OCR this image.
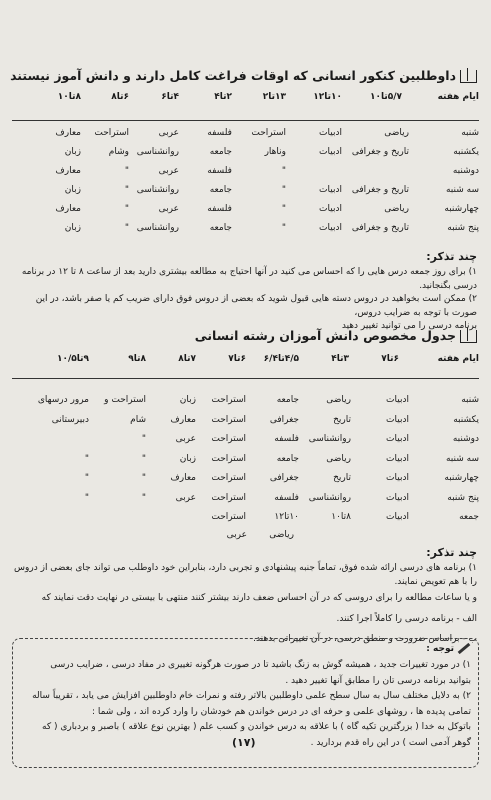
داوطلبین کنکور انسانی که اوقات فراغت کامل دارند و دانش آموز نیستند
ایام هفته
۵/۷تا۱۰
۱۰تا۱۲
۱۳تا۲
۲تا۴
۴تا۶
۶تا۸
۸تا۱۰
شنبه
ریاضی
ادبیات
استراحت
فلسفه
عربی
استراحت
معارف
یکشنبه
تاریخ و جغرافی
ادبیات
وناهار
جامعه
روانشناسی
وشام
زبان
دوشنبه
"
فلسفه
عربی
"
معارف
سه شنبه
تاریخ و جغرافی
ادبیات
"
جامعه
روانشناسی
"
زبان
چهارشنبه
ریاضی
ادبیات
"
فلسفه
عربی
"
معارف
پنج شنبه
تاریخ و جغرافی
ادبیات
"
جامعه
روانشناسی
"
زبان
چند تذکر:
۱) برای روز جمعه درس هایی را که احساس می کنید در آنها احتیاج به مطالعه بیشتری دارید بعد از ساعت ۸ تا ۱۲ در برنامه درسی بگنجانید.
۲) ممکن است بخواهید در دروس دسته هایی قبول شوید که بعضی از دروس فوق دارای ضریب کم یا صفر باشد، در این صورت با توجه به ضرایب دروس،
برنامه درسی را می توانید تغییر دهید
جدول مخصوص دانش آموزان رشته انسانی
ایام هفته
۶تا۷
۳تا۴
۴/۵تا۶/۴
۶تا۷
۷تا۸
۸تا۹
۹تا۱۰/۵
شنبه
ادبیات
ریاضی
جامعه
استراحت
زبان
استراحت و
مرور درسهای
یکشنبه
ادبیات
تاریخ
جغرافی
استراحت
معارف
شام
دبیرستانی
دوشنبه
ادبیات
روانشناسی
فلسفه
استراحت
عربی
"
سه شنبه
ادبیات
ریاضی
جامعه
استراحت
زبان
"
"
چهارشنبه
ادبیات
تاریخ
جغرافی
استراحت
معارف
"
"
پنج شنبه
ادبیات
روانشناسی
فلسفه
استراحت
عربی
"
"
جمعه
ادبیات
۸تا۱۰
۱۰تا۱۲
استراحت
ریاضی
عربی
چند تذکر:
۱) برنامه های درسی ارائه شده فوق، تماماً جنبه پیشنهادی و تجربی دارد، بنابراین خود داوطلب می تواند جای بعضی از دروس را با هم تعویض نمایند.
و یا ساعات مطالعه را برای دروسی که در آن احساس ضعف دارند بیشتر کنند منتهی با بیستی در نهایت دقت نمایند که
الف - برنامه درسی را کاملاً اجرا کنند.
ب - براساس ضرورت و منطق درسی، در آن تغییراتی بدهند.
توجه :
۱) در مورد تغییرات جدید ، همیشه گوش به زنگ باشید تا در صورت هرگونه تغییری در مفاد درسی ، ضرایب درسی
بتوانید برنامه درسی تان را مطابق آنها تغییر دهید .
۲) به دلایل مختلف سال به سال سطح علمی داوطلبین بالاتر رفته و نمرات خام داوطلبین افزایش می یابد ، تقریباً ساله
تمامی پدیده ها ، روشهای علمی و حرفه ای در درس خواندن هم خودشان را وارد کرده اند ، ولی شما :
باتوکل به خدا ( بزرگترین تکیه گاه ) با علاقه به درس خواندن و کسب علم ( بهترین نوع علاقه ) باصبر و بردباری ( که
گوهر آدمی است ) در این راه قدم بردارید .
(۱۷)
